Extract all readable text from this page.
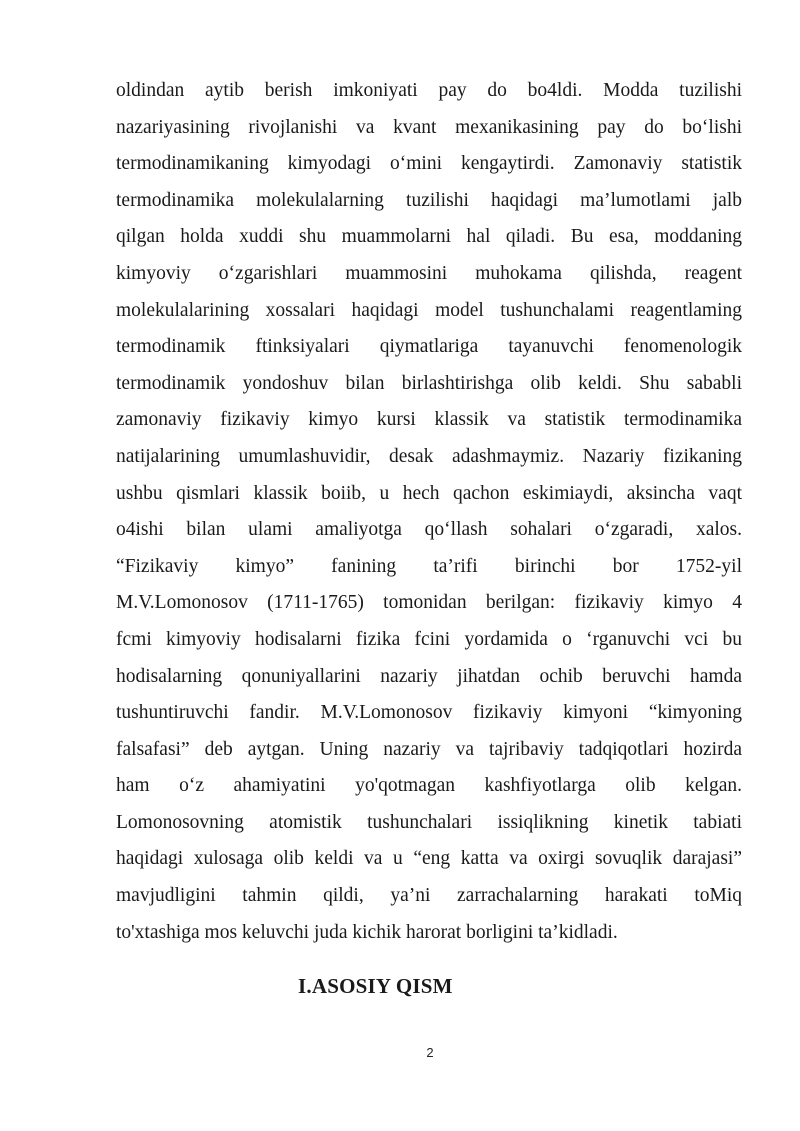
oldindan aytib berish imkoniyati pay do bo4ldi. Modda tuzilishi
nazariyasining rivojlanishi va kvant mexanikasining pay do bo‘lishi
termodinamikaning kimyodagi o‘mini kengaytirdi. Zamonaviy statistik
termodinamika molekulalarning tuzilishi haqidagi ma’lumotlami jalb
qilgan holda xuddi shu muammolarni hal qiladi. Bu esa, moddaning
kimyoviy o‘zgarishlari muammosini muhokama qilishda, reagent
molekulalarining xossalari haqidagi model tushunchalami reagentlaming
termodinamik ftinksiyalari qiymatlariga tayanuvchi fenomenologik
termodinamik yondoshuv bilan birlashtirishga olib keldi. Shu sababli
zamonaviy fizikaviy kimyo kursi klassik va statistik termodinamika
natijalarining umumlashuvidir, desak adashmaymiz. Nazariy fizikaning
ushbu qismlari klassik boiib, u hech qachon eskimiaydi, aksincha vaqt
o4ishi bilan ulami amaliyotga qo‘llash sohalari o‘zgaradi, xalos.
“Fizikaviy kimyo” fanining ta’rifi birinchi bor 1752-yil
M.V.Lomonosov (1711-1765) tomonidan berilgan: fizikaviy kimyo 4
fcmi kimyoviy hodisalarni fizika fcini yordamida o ‘rganuvchi vci bu
hodisalarning qonuniyallarini nazariy jihatdan ochib beruvchi hamda
tushuntiruvchi fandir. M.V.Lomonosov fizikaviy kimyoni “kimyoning
falsafasi” deb aytgan. Uning nazariy va tajribaviy tadqiqotlari hozirda
ham o‘z ahamiyatini yo'qotmagan kashfiyotlarga olib kelgan.
Lomonosovning atomistik tushunchalari issiqlikning kinetik tabiati
haqidagi xulosaga olib keldi va u “eng katta va oxirgi sovuqlik darajasi”
mavjudligini tahmin qildi, ya’ni zarrachalarning harakati toMiq
to'xtashiga mos keluvchi juda kichik harorat borligini ta’kidladi.
I.ASOSIY QISM
2
